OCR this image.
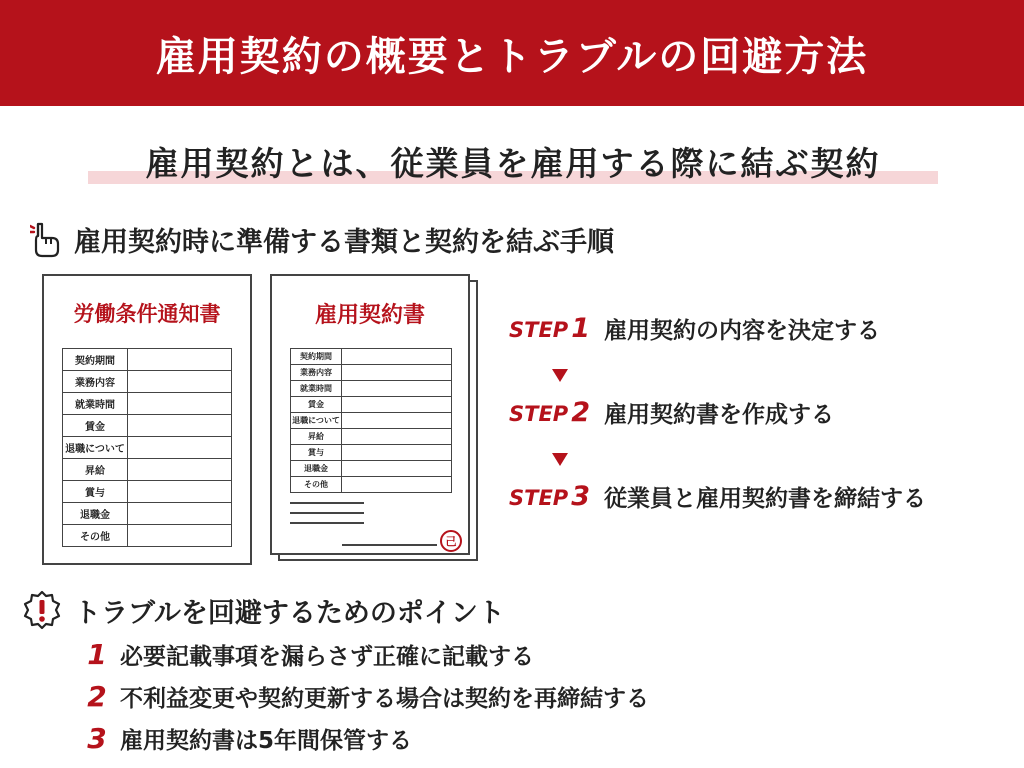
雇用契約の概要とトラブルの回避方法
雇用契約とは、従業員を雇用する際に結ぶ契約
雇用契約時に準備する書類と契約を結ぶ手順
労働条件通知書
契約期間	
業務内容	
就業時間	
賃金	
退職について	
昇給	
賞与	
退職金	
その他	
雇用契約書
契約期間	
業務内容	
就業時間	
賃金	
退職について	
昇給	
賞与	
退職金	
その他	
己
STEP 1 雇用契約の内容を決定する
STEP 2 雇用契約書を作成する
STEP 3 従業員と雇用契約書を締結する
トラブルを回避するためのポイント
1 必要記載事項を漏らさず正確に記載する
2 不利益変更や契約更新する場合は契約を再締結する
3 雇用契約書は5年間保管する
